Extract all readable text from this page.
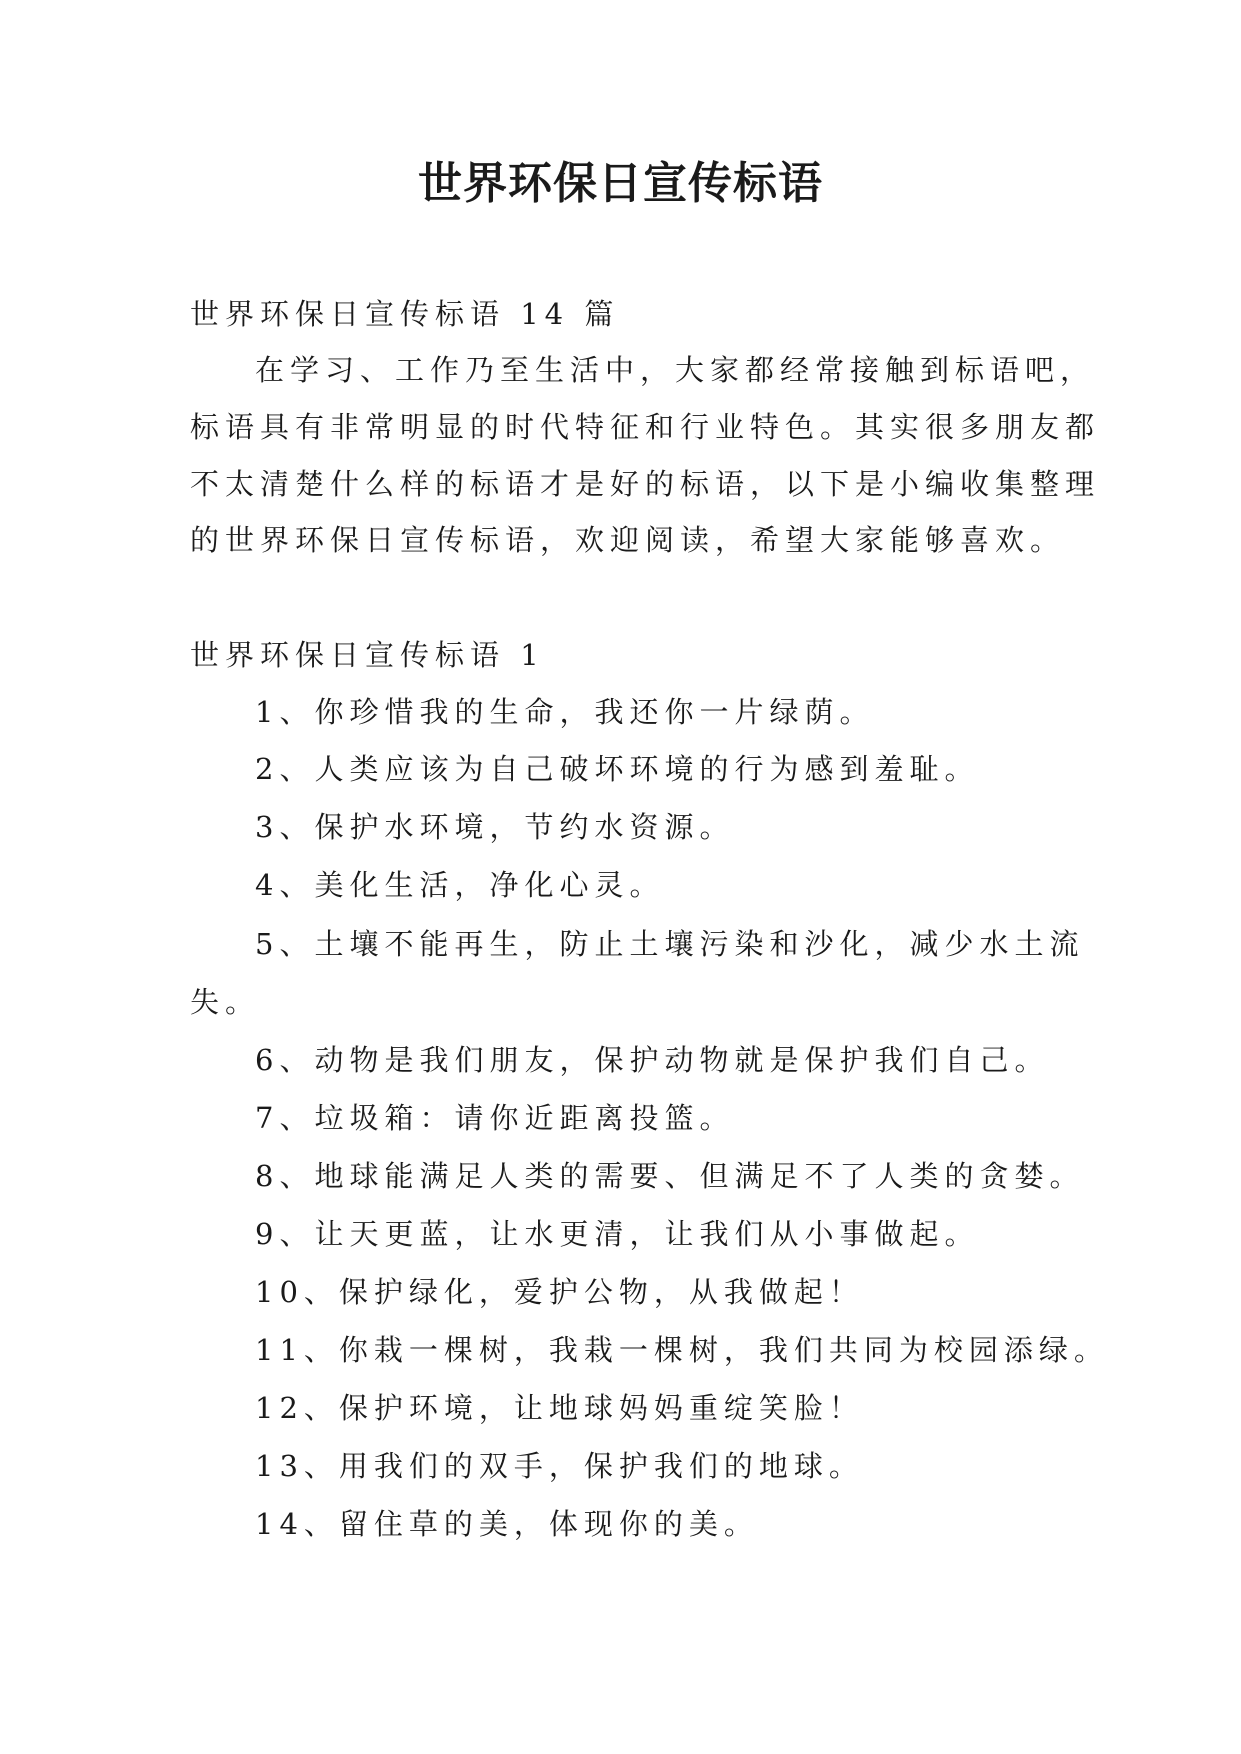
世界环保日宣传标语
世界环保日宣传标语 14 篇
在学习、工作乃至生活中，大家都经常接触到标语吧，
标语具有非常明显的时代特征和行业特色。其实很多朋友都
不太清楚什么样的标语才是好的标语，以下是小编收集整理
的世界环保日宣传标语，欢迎阅读，希望大家能够喜欢。
世界环保日宣传标语 1
1、你珍惜我的生命，我还你一片绿荫。
2、人类应该为自己破坏环境的行为感到羞耻。
3、保护水环境，节约水资源。
4、美化生活，净化心灵。
5、土壤不能再生，防止土壤污染和沙化，减少水土流
失。
6、动物是我们朋友，保护动物就是保护我们自己。
7、垃圾箱：请你近距离投篮。
8、地球能满足人类的需要、但满足不了人类的贪婪。
9、让天更蓝，让水更清，让我们从小事做起。
10、保护绿化，爱护公物，从我做起！
11、你栽一棵树，我栽一棵树，我们共同为校园添绿。
12、保护环境，让地球妈妈重绽笑脸！
13、用我们的双手，保护我们的地球。
14、留住草的美，体现你的美。
